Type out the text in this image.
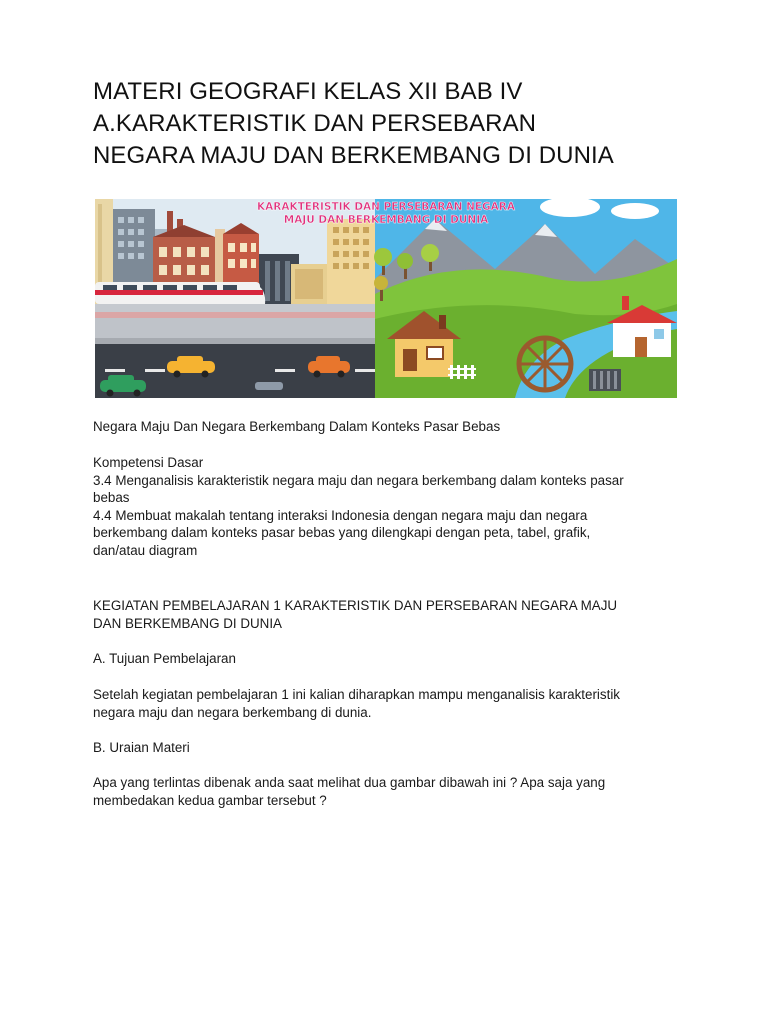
MATERI GEOGRAFI KELAS XII BAB IV
A.KARAKTERISTIK DAN PERSEBARAN
NEGARA MAJU DAN BERKEMBANG DI DUNIA
KARAKTERISTIK DAN PERSEBARAN NEGARA
MAJU DAN BERKEMBANG DI DUNIA

Negara Maju Dan Negara Berkembang Dalam Konteks Pasar Bebas

Kompetensi Dasar
3.4 Menganalisis karakteristik negara maju dan negara berkembang dalam konteks pasar
bebas
4.4 Membuat makalah tentang interaksi Indonesia dengan negara maju dan negara
berkembang dalam konteks pasar bebas yang dilengkapi dengan peta, tabel, grafik,
dan/atau diagram
KEGIATAN PEMBELAJARAN 1 KARAKTERISTIK DAN PERSEBARAN NEGARA MAJU
DAN BERKEMBANG DI DUNIA

A. Tujuan Pembelajaran

Setelah kegiatan pembelajaran 1 ini kalian diharapkan mampu menganalisis karakteristik
negara maju dan negara berkembang di dunia.

B. Uraian Materi

Apa yang terlintas dibenak anda saat melihat dua gambar dibawah ini ? Apa saja yang
membedakan kedua gambar tersebut ?
